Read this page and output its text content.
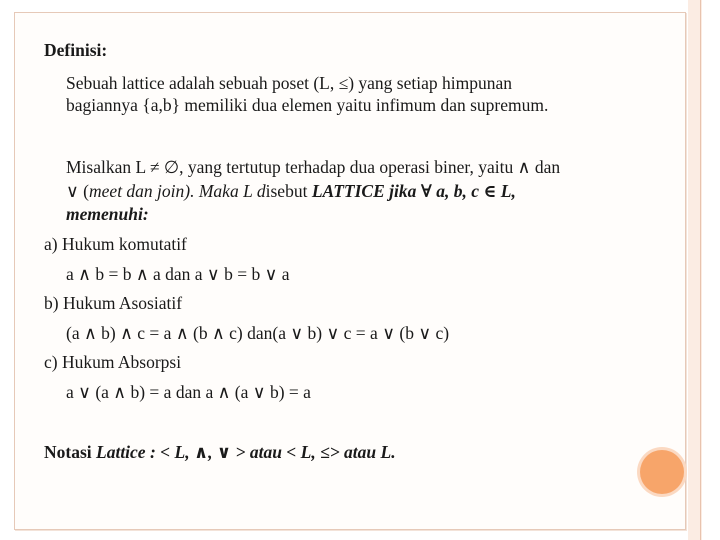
Definisi:
Sebuah lattice adalah sebuah poset (L, ≤) yang setiap himpunan
bagiannya {a,b} memiliki dua elemen yaitu infimum dan supremum.
Misalkan L ≠ ∅, yang tertutup terhadap dua operasi biner, yaitu ∧ dan
∨ (meet dan join). Maka L disebut LATTICE jika ∀ a, b, c ∈ L,
memenuhi:
a) Hukum komutatif
a ∧ b = b ∧ a dan a ∨ b = b ∨ a
b) Hukum Asosiatif
(a ∧ b) ∧ c = a ∧ (b ∧ c) dan(a ∨ b) ∨ c = a ∨ (b ∨ c)
c) Hukum Absorpsi
a ∨ (a ∧ b) = a dan a ∧ (a ∨ b) = a
Notasi Lattice : < L, ∧, ∨ > atau < L, ≤> atau L.
